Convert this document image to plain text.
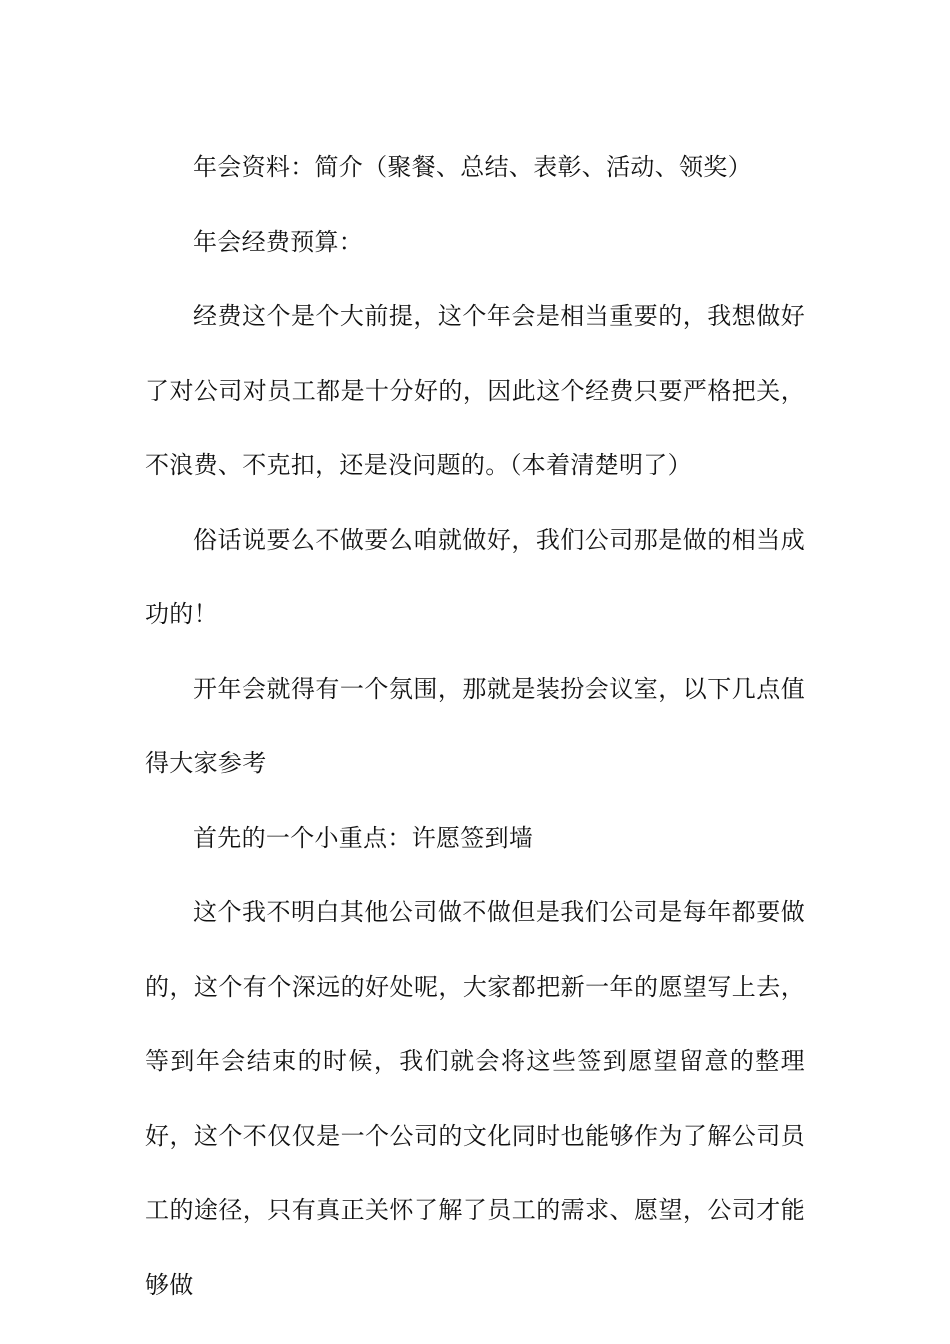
年会资料：简介（聚餐、总结、表彰、活动、领奖）

年会经费预算：

经费这个是个大前提，这个年会是相当重要的，我想做好了对公司对员工都是十分好的，因此这个经费只要严格把关，不浪费、不克扣，还是没问题的。（本着清楚明了）

俗话说要么不做要么咱就做好，我们公司那是做的相当成功的！

开年会就得有一个氛围，那就是装扮会议室，以下几点值得大家参考

首先的一个小重点：许愿签到墙

这个我不明白其他公司做不做但是我们公司是每年都要做的，这个有个深远的好处呢，大家都把新一年的愿望写上去，等到年会结束的时候，我们就会将这些签到愿望留意的整理好，这个不仅仅是一个公司的文化同时也能够作为了解公司员工的途径，只有真正关怀了解了员工的需求、愿望，公司才能够做
